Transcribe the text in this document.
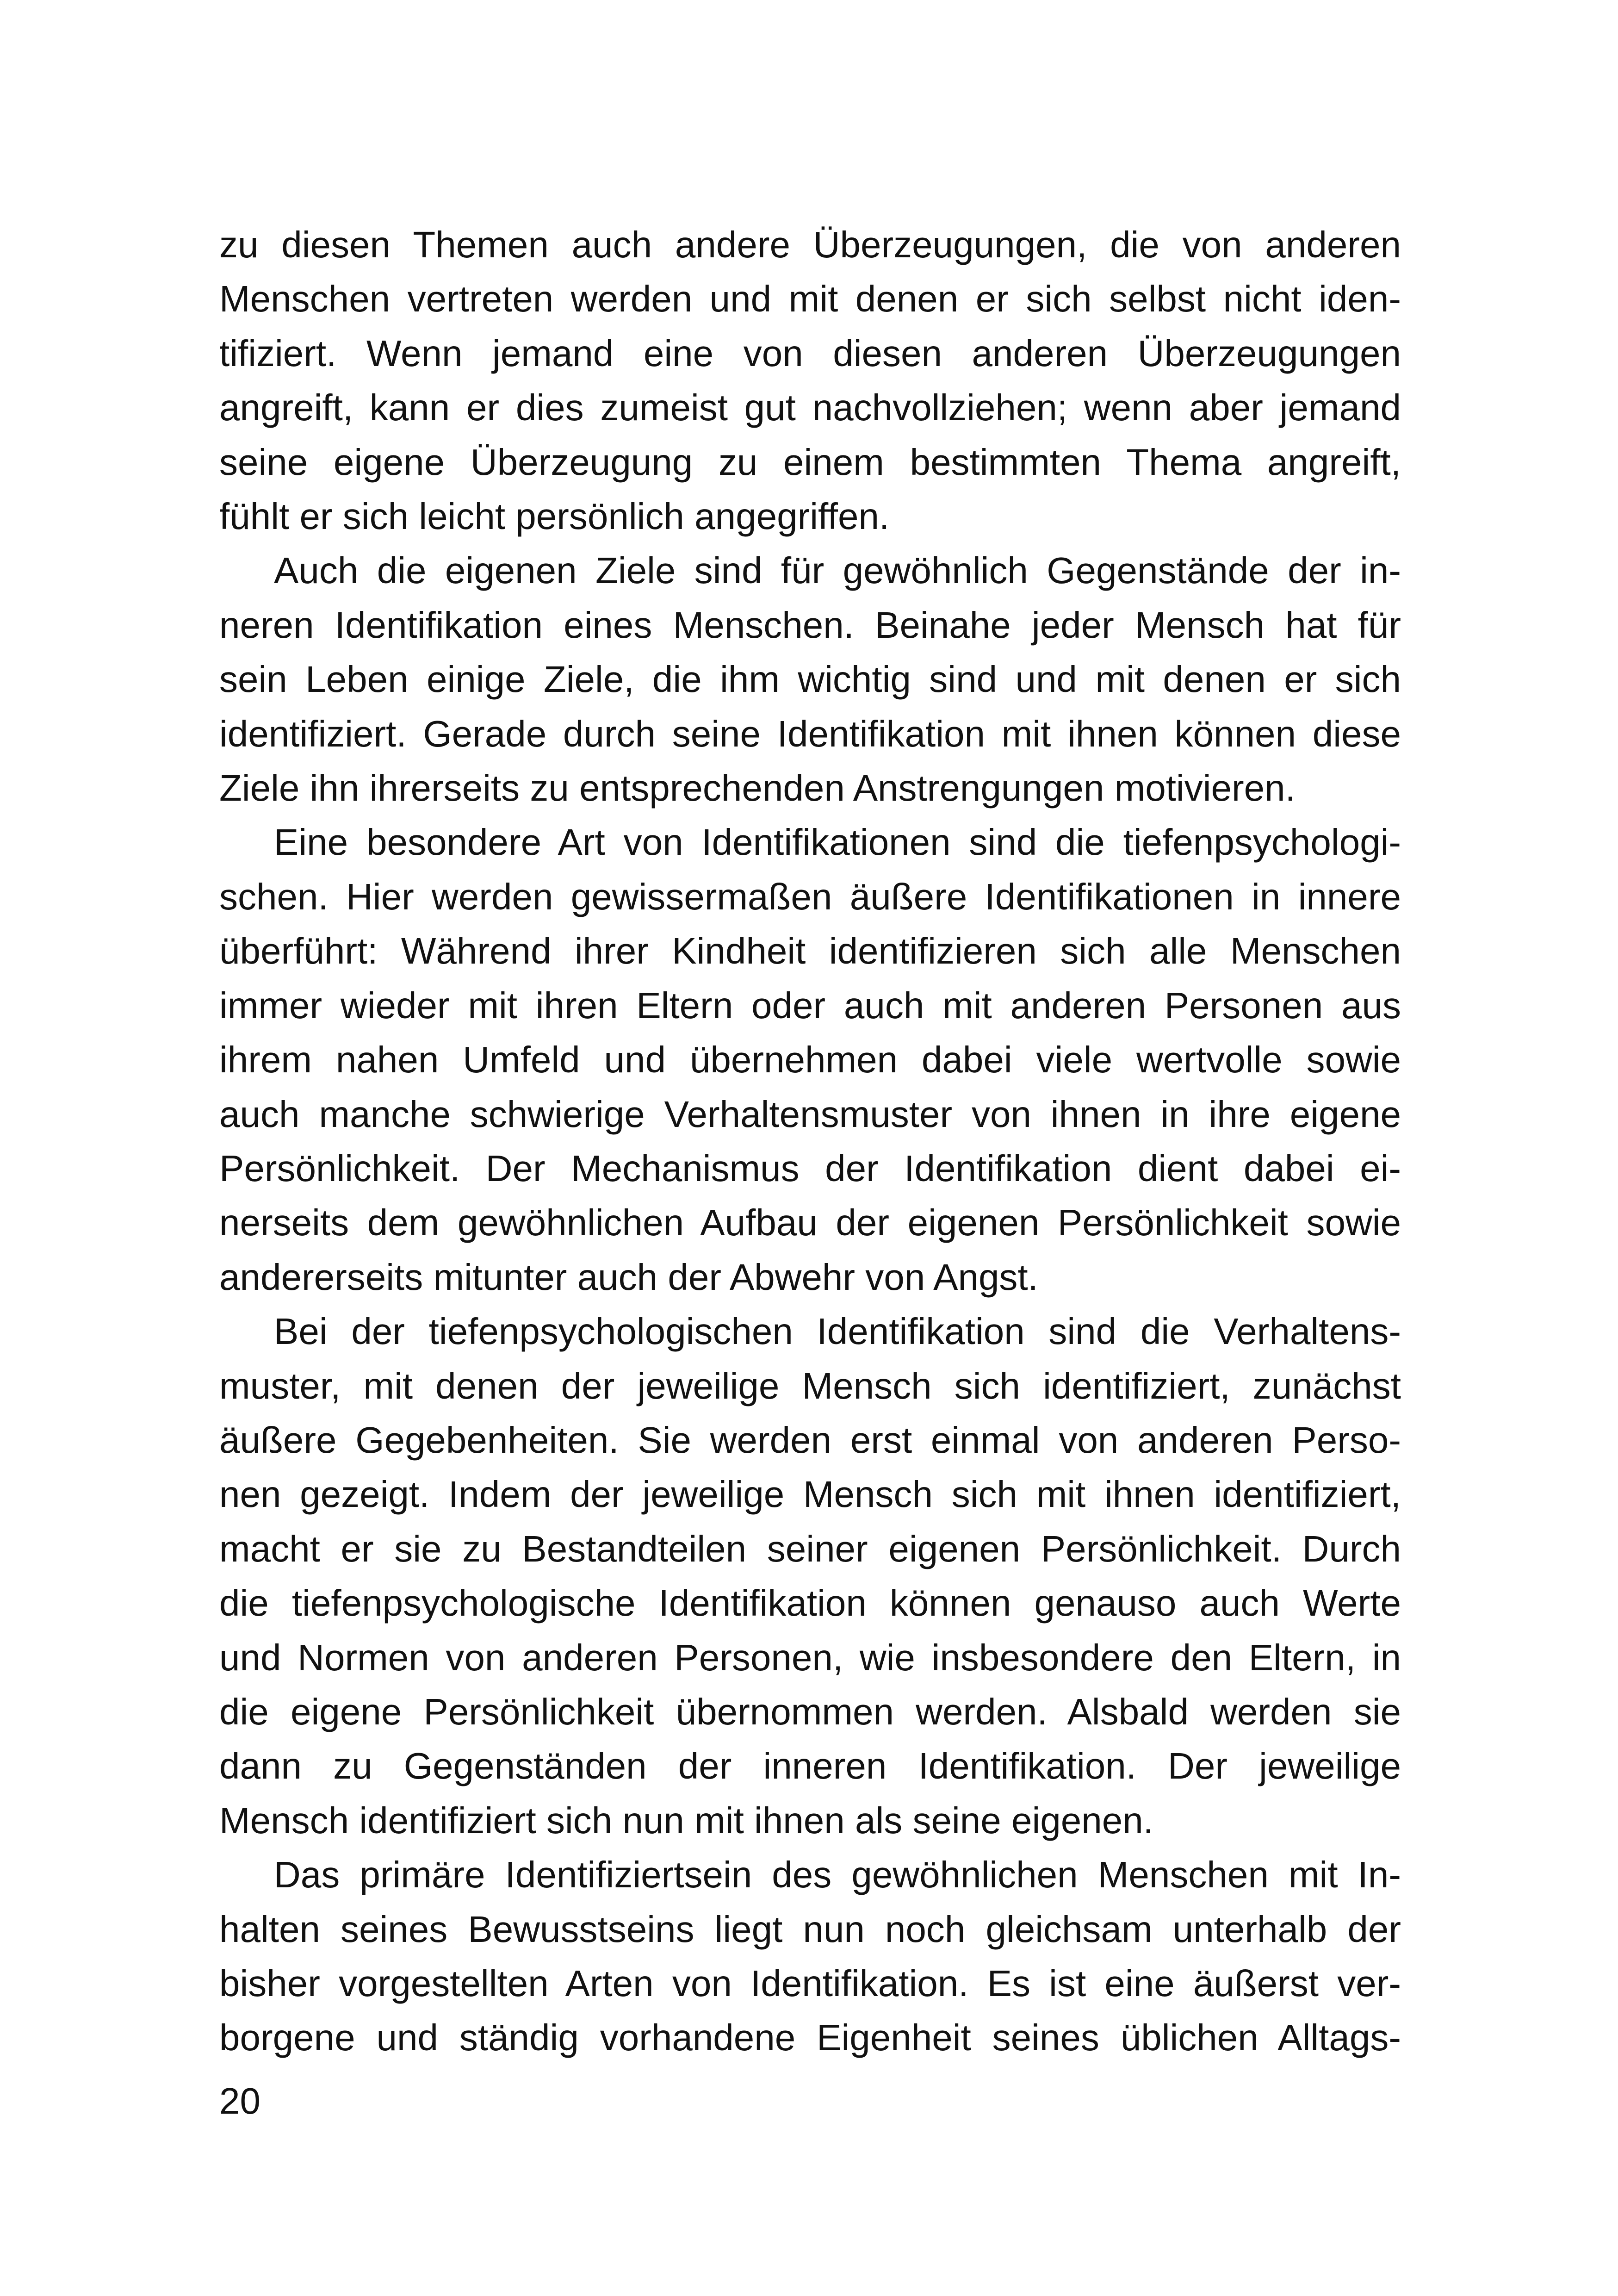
zu diesen Themen auch andere Überzeugungen, die von anderen
Menschen vertreten werden und mit denen er sich selbst nicht iden-
tifiziert. Wenn jemand eine von diesen anderen Überzeugungen
angreift, kann er dies zumeist gut nachvollziehen; wenn aber jemand
seine eigene Überzeugung zu einem bestimmten Thema angreift,
fühlt er sich leicht persönlich angegriffen.
Auch die eigenen Ziele sind für gewöhnlich Gegenstände der in-
neren Identifikation eines Menschen. Beinahe jeder Mensch hat für
sein Leben einige Ziele, die ihm wichtig sind und mit denen er sich
identifiziert. Gerade durch seine Identifikation mit ihnen können diese
Ziele ihn ihrerseits zu entsprechenden Anstrengungen motivieren.
Eine besondere Art von Identifikationen sind die tiefenpsychologi-
schen. Hier werden gewissermaßen äußere Identifikationen in innere
überführt: Während ihrer Kindheit identifizieren sich alle Menschen
immer wieder mit ihren Eltern oder auch mit anderen Personen aus
ihrem nahen Umfeld und übernehmen dabei viele wertvolle sowie
auch manche schwierige Verhaltensmuster von ihnen in ihre eigene
Persönlichkeit. Der Mechanismus der Identifikation dient dabei ei-
nerseits dem gewöhnlichen Aufbau der eigenen Persönlichkeit sowie
andererseits mitunter auch der Abwehr von Angst.
Bei der tiefenpsychologischen Identifikation sind die Verhaltens-
muster, mit denen der jeweilige Mensch sich identifiziert, zunächst
äußere Gegebenheiten. Sie werden erst einmal von anderen Perso-
nen gezeigt. Indem der jeweilige Mensch sich mit ihnen identifiziert,
macht er sie zu Bestandteilen seiner eigenen Persönlichkeit. Durch
die tiefenpsychologische Identifikation können genauso auch Werte
und Normen von anderen Personen, wie insbesondere den Eltern, in
die eigene Persönlichkeit übernommen werden. Alsbald werden sie
dann zu Gegenständen der inneren Identifikation. Der jeweilige
Mensch identifiziert sich nun mit ihnen als seine eigenen.
Das primäre Identifiziertsein des gewöhnlichen Menschen mit In-
halten seines Bewusstseins liegt nun noch gleichsam unterhalb der
bisher vorgestellten Arten von Identifikation. Es ist eine äußerst ver-
borgene und ständig vorhandene Eigenheit seines üblichen Alltags-
20
